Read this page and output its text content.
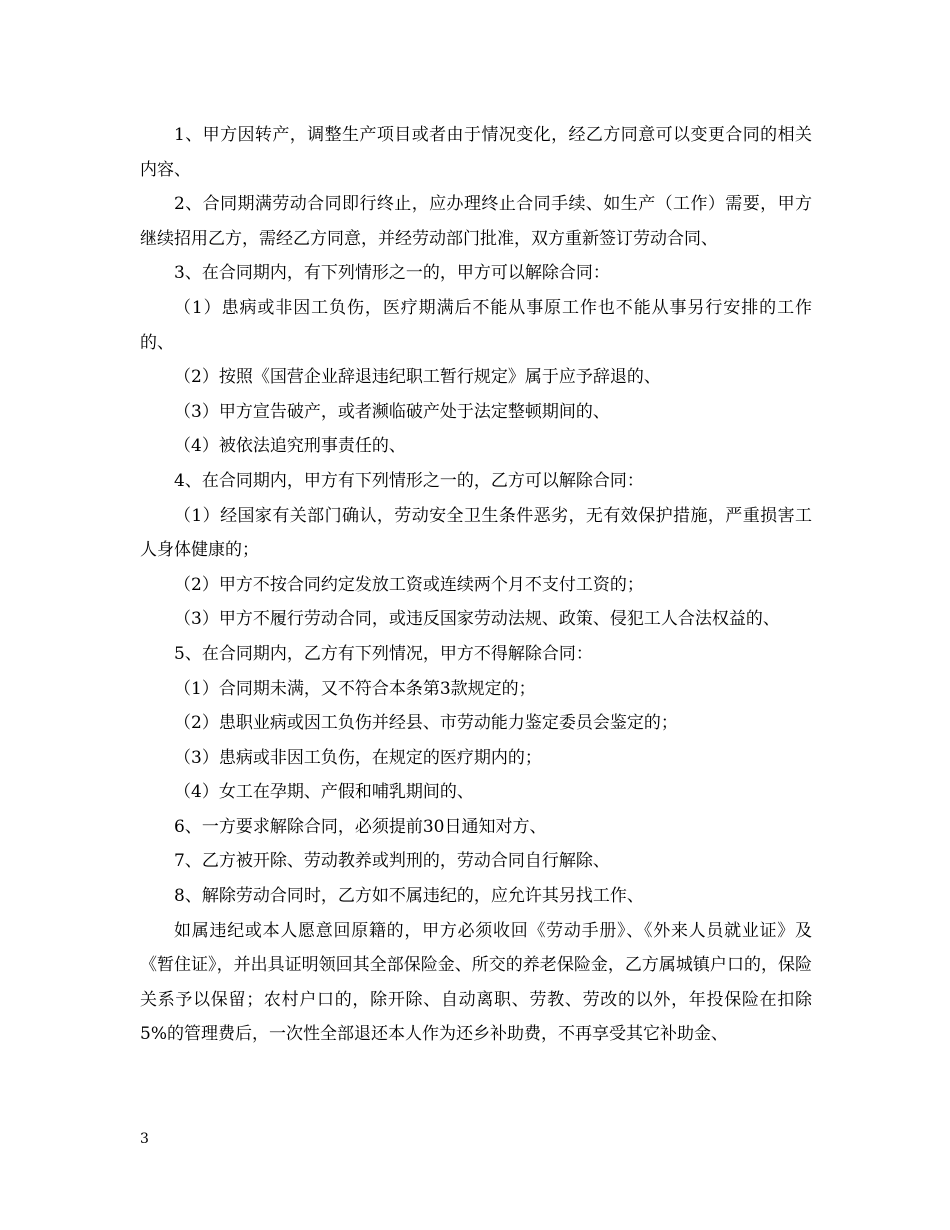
1、甲方因转产，调整生产项目或者由于情况变化，经乙方同意可以变更合同的相关内容、

2、合同期满劳动合同即行终止，应办理终止合同手续、如生产（工作）需要，甲方继续招用乙方，需经乙方同意，并经劳动部门批准，双方重新签订劳动合同、

3、在合同期内，有下列情形之一的，甲方可以解除合同：

（1）患病或非因工负伤，医疗期满后不能从事原工作也不能从事另行安排的工作的、

（2）按照《国营企业辞退违纪职工暂行规定》属于应予辞退的、

（3）甲方宣告破产，或者濒临破产处于法定整顿期间的、

（4）被依法追究刑事责任的、

4、在合同期内，甲方有下列情形之一的，乙方可以解除合同：

（1）经国家有关部门确认，劳动安全卫生条件恶劣，无有效保护措施，严重损害工人身体健康的；

（2）甲方不按合同约定发放工资或连续两个月不支付工资的；

（3）甲方不履行劳动合同，或违反国家劳动法规、政策、侵犯工人合法权益的、

5、在合同期内，乙方有下列情况，甲方不得解除合同：

（1）合同期未满，又不符合本条第3款规定的；

（2）患职业病或因工负伤并经县、市劳动能力鉴定委员会鉴定的；

（3）患病或非因工负伤，在规定的医疗期内的；

（4）女工在孕期、产假和哺乳期间的、

6、一方要求解除合同，必须提前30日通知对方、

7、乙方被开除、劳动教养或判刑的，劳动合同自行解除、

8、解除劳动合同时，乙方如不属违纪的，应允许其另找工作、

如属违纪或本人愿意回原籍的，甲方必须收回《劳动手册》、《外来人员就业证》及《暂住证》，并出具证明领回其全部保险金、所交的养老保险金，乙方属城镇户口的，保险关系予以保留；农村户口的，除开除、自动离职、劳教、劳改的以外，年投保险在扣除5%的管理费后，一次性全部退还本人作为还乡补助费，不再享受其它补助金、

3
